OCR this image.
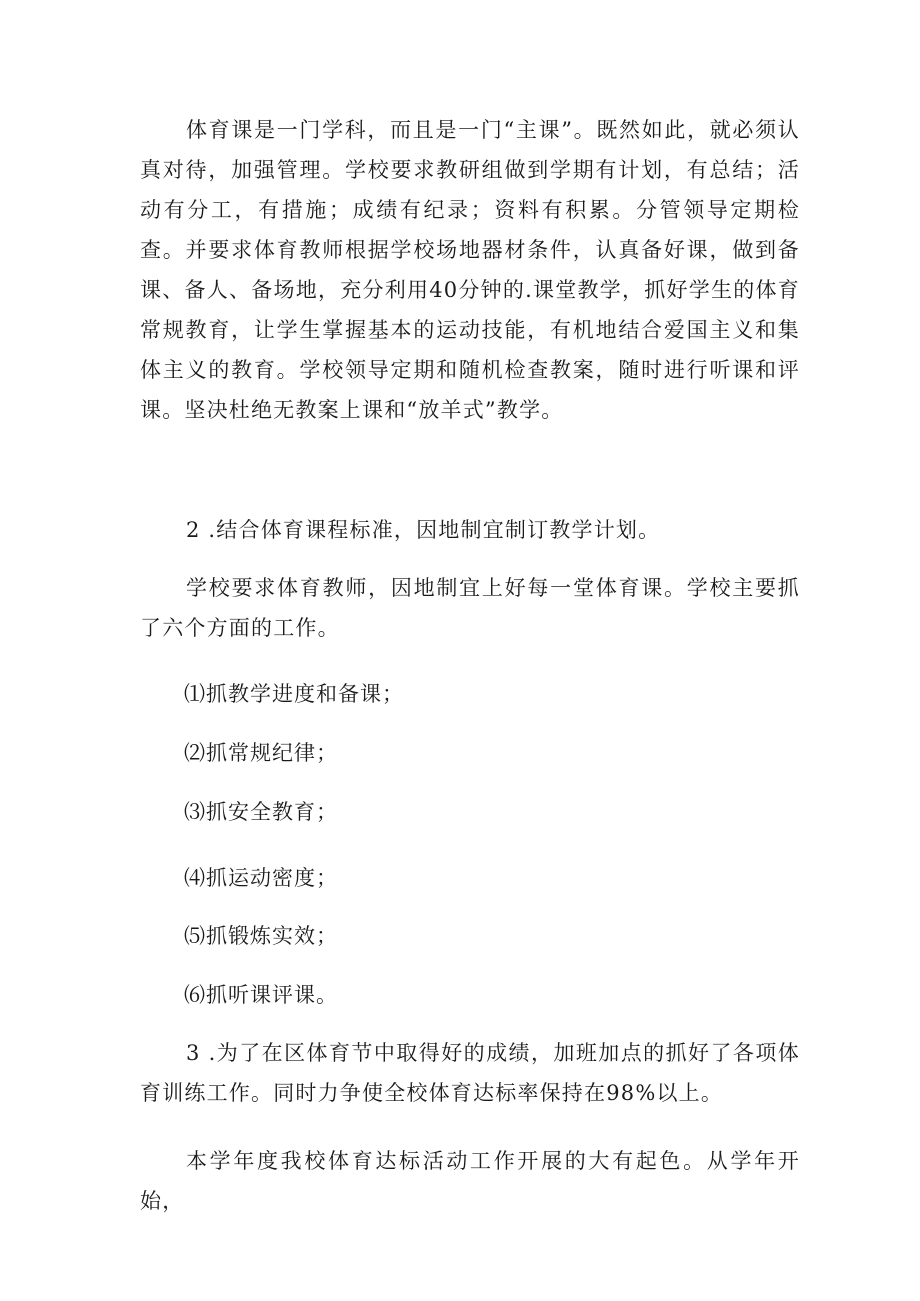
体育课是一门学科，而且是一门“主课”。既然如此，就必须认真对待，加强管理。学校要求教研组做到学期有计划，有总结；活动有分工，有措施；成绩有纪录；资料有积累。分管领导定期检查。并要求体育教师根据学校场地器材条件，认真备好课，做到备课、备人、备场地，充分利用40分钟的.课堂教学，抓好学生的体育常规教育，让学生掌握基本的运动技能，有机地结合爱国主义和集体主义的教育。学校领导定期和随机检查教案，随时进行听课和评课。坚决杜绝无教案上课和“放羊式”教学。

2 .结合体育课程标准，因地制宜制订教学计划。

学校要求体育教师，因地制宜上好每一堂体育课。学校主要抓了六个方面的工作。

⑴抓教学进度和备课；

⑵抓常规纪律；

⑶抓安全教育；

⑷抓运动密度；

⑸抓锻炼实效；

⑹抓听课评课。

3 .为了在区体育节中取得好的成绩，加班加点的抓好了各项体育训练工作。同时力争使全校体育达标率保持在98%以上。

本学年度我校体育达标活动工作开展的大有起色。从学年开始，
